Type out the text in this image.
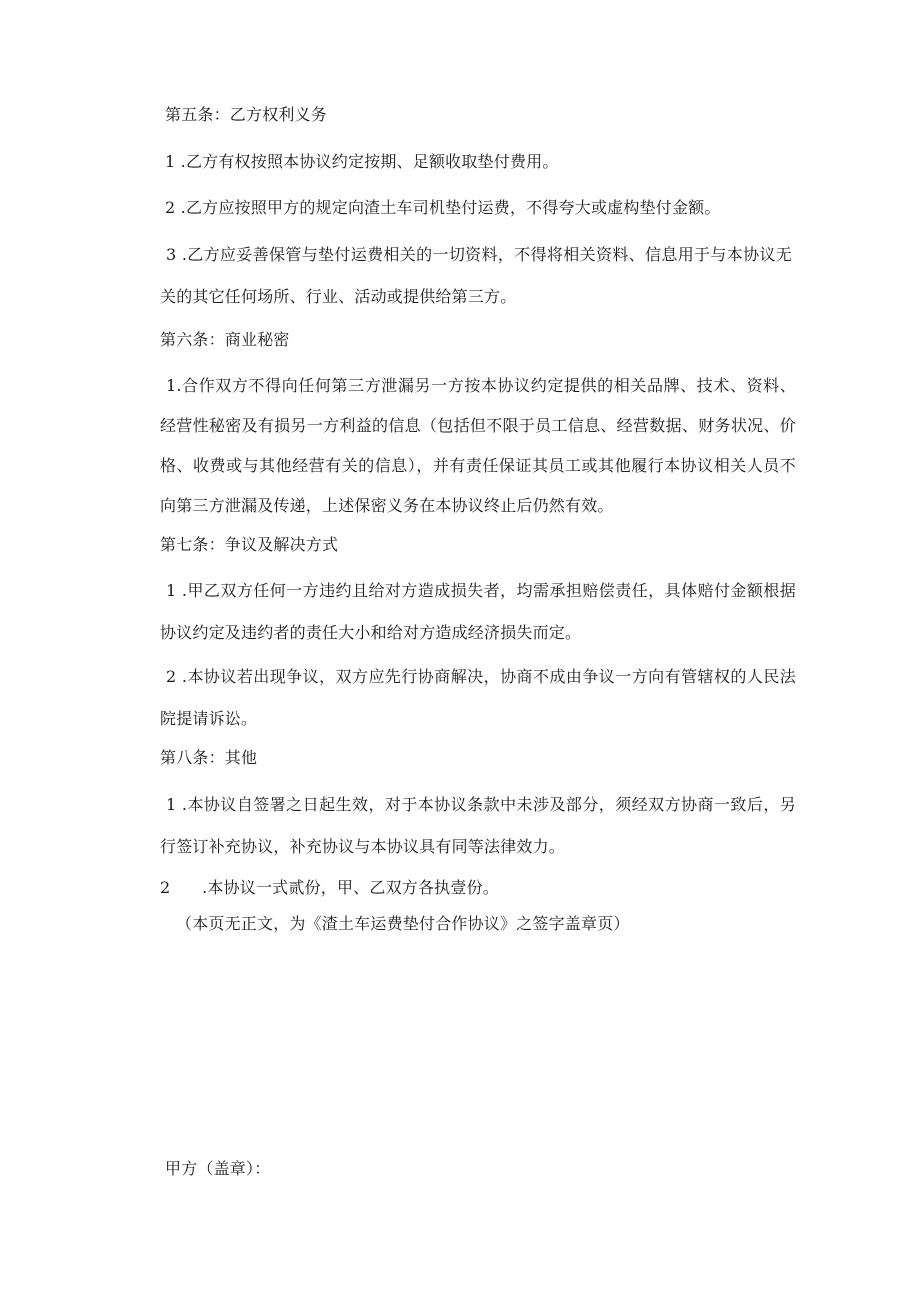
第五条：乙方权利义务
1 .乙方有权按照本协议约定按期、足额收取垫付费用。
2 .乙方应按照甲方的规定向渣土车司机垫付运费，不得夸大或虚构垫付金额。
3 .乙方应妥善保管与垫付运费相关的一切资料，不得将相关资料、信息用于与本协议无关的其它任何场所、行业、活动或提供给第三方。
第六条：商业秘密
1.合作双方不得向任何第三方泄漏另一方按本协议约定提供的相关品牌、技术、资料、经营性秘密及有损另一方利益的信息（包括但不限于员工信息、经营数据、财务状况、价格、收费或与其他经营有关的信息），并有责任保证其员工或其他履行本协议相关人员不向第三方泄漏及传递，上述保密义务在本协议终止后仍然有效。
第七条：争议及解决方式
1 .甲乙双方任何一方违约且给对方造成损失者，均需承担赔偿责任，具体赔付金额根据协议约定及违约者的责任大小和给对方造成经济损失而定。
2 .本协议若出现争议，双方应先行协商解决，协商不成由争议一方向有管辖权的人民法院提请诉讼。
第八条：其他
1 .本协议自签署之日起生效，对于本协议条款中未涉及部分，须经双方协商一致后，另行签订补充协议，补充协议与本协议具有同等法律效力。
2      .本协议一式贰份，甲、乙双方各执壹份。
（本页无正文，为《渣土车运费垫付合作协议》之签字盖章页）
甲方（盖章）：
